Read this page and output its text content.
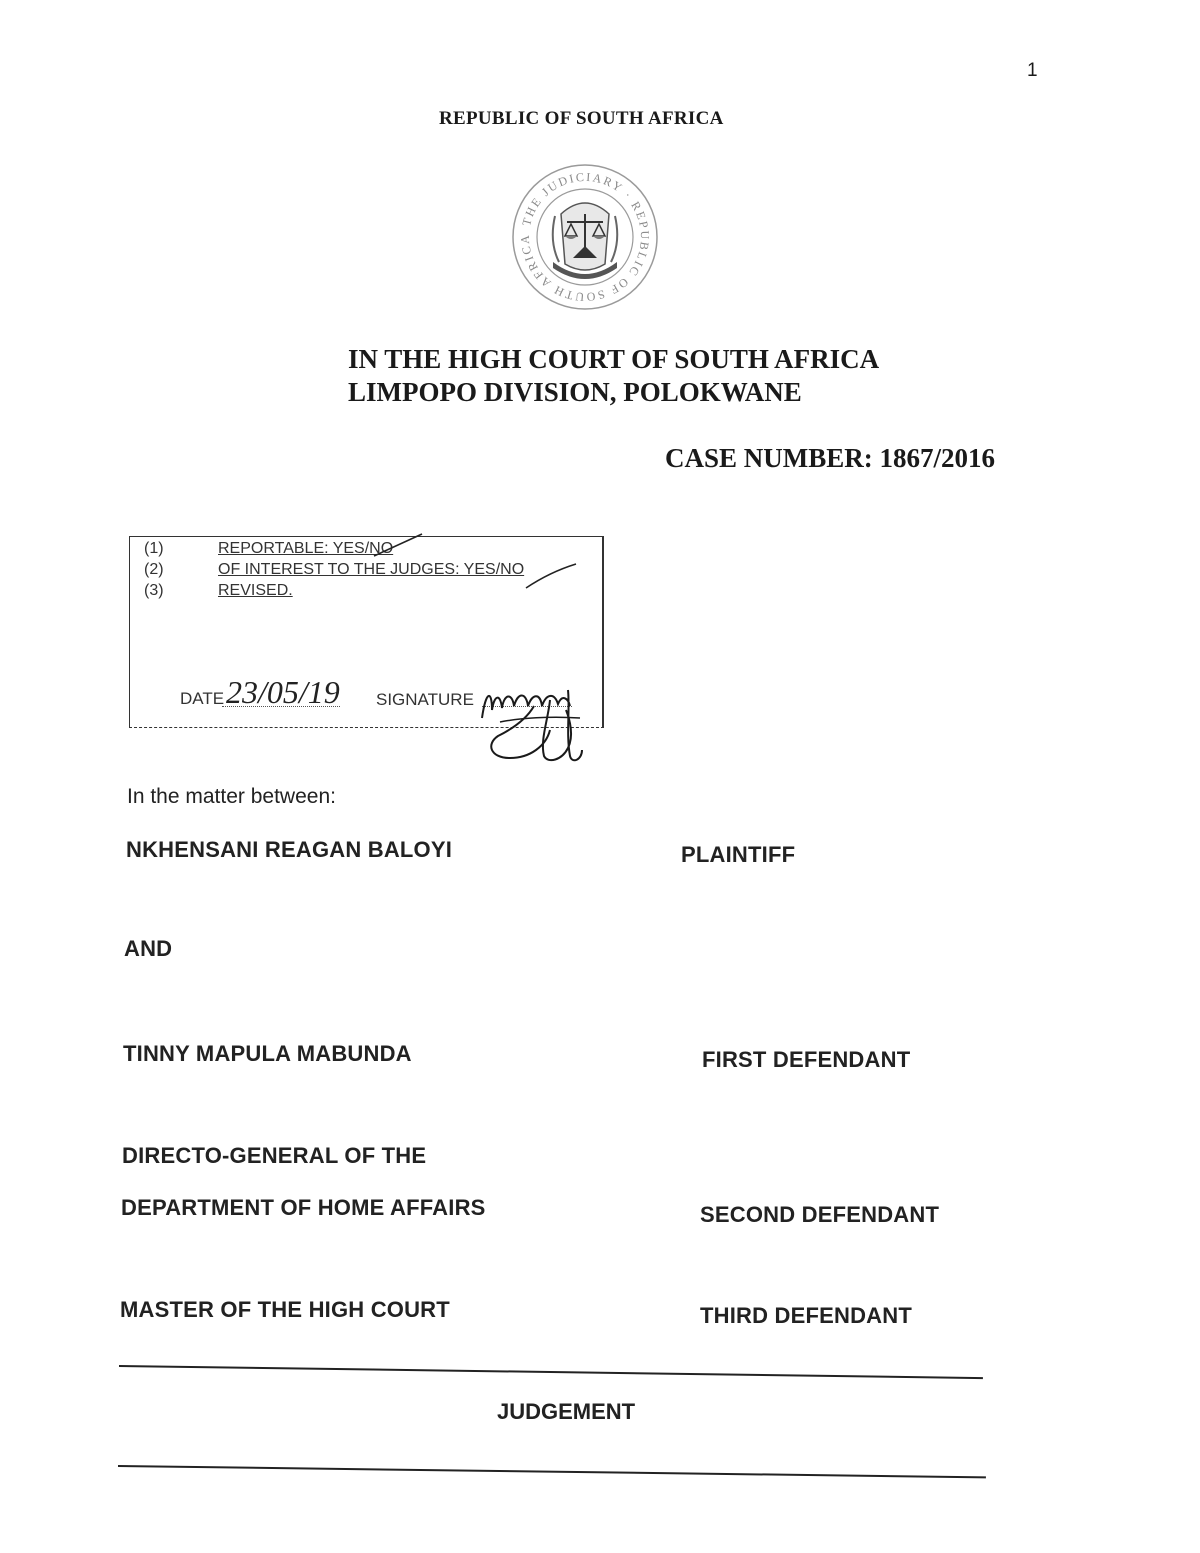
1
REPUBLIC OF SOUTH AFRICA
THE JUDICIARY · REPUBLIC OF SOUTH AFRICA
IN THE HIGH COURT OF SOUTH AFRICA
LIMPOPO DIVISION, POLOKWANE
CASE NUMBER: 1867/2016
(1)	REPORTABLE: YES/NO
(2)	OF INTEREST TO THE JUDGES: YES/NO
(3)	REVISED.
DATE 23/05/19 SIGNATURE
In the matter between:
NKHENSANI REAGAN BALOYI	PLAINTIFF
AND
TINNY MAPULA MABUNDA	FIRST DEFENDANT
DIRECTO-GENERAL OF THE
DEPARTMENT OF HOME AFFAIRS	SECOND DEFENDANT
MASTER OF THE HIGH COURT	THIRD DEFENDANT
JUDGEMENT
